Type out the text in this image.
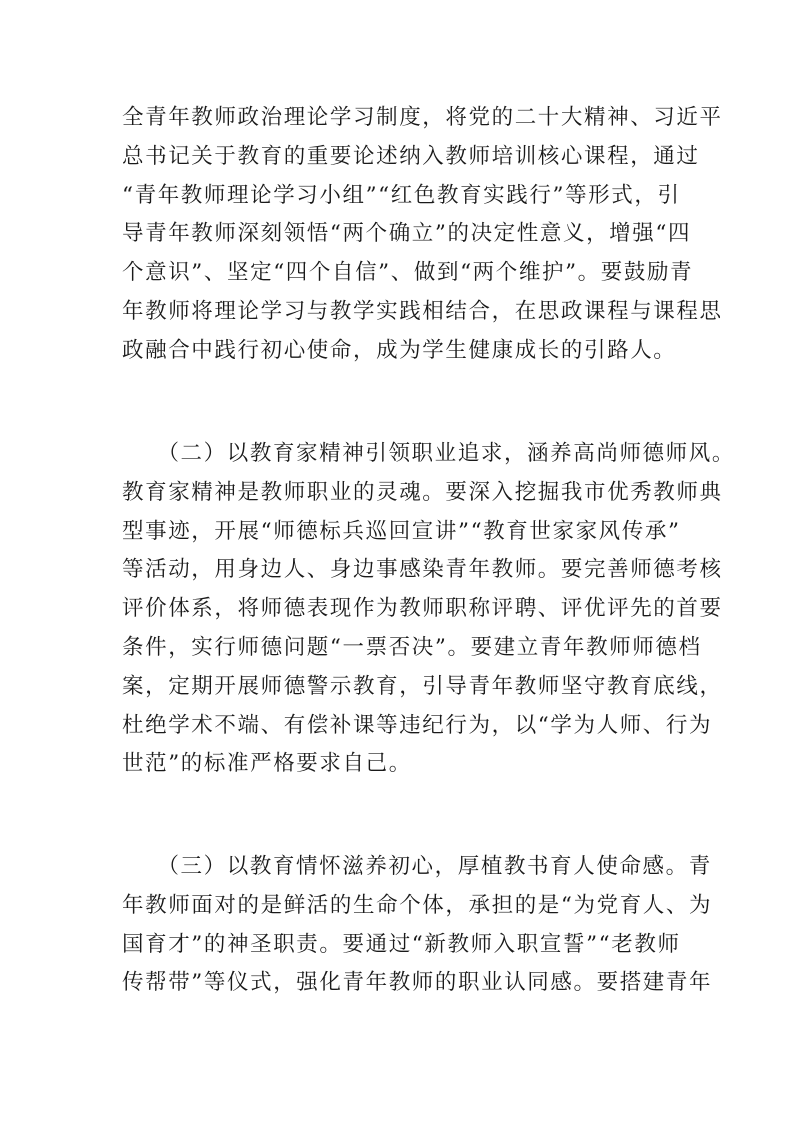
全青年教师政治理论学习制度，将党的二十大精神、习近平
总书记关于教育的重要论述纳入教师培训核心课程，通过
“青年教师理论学习小组”“红色教育实践行”等形式，引
导青年教师深刻领悟“两个确立”的决定性意义，增强“四
个意识”、坚定“四个自信”、做到“两个维护”。要鼓励青
年教师将理论学习与教学实践相结合，在思政课程与课程思
政融合中践行初心使命，成为学生健康成长的引路人。
　　（二）以教育家精神引领职业追求，涵养高尚师德师风。
教育家精神是教师职业的灵魂。要深入挖掘我市优秀教师典
型事迹，开展“师德标兵巡回宣讲”“教育世家家风传承”
等活动，用身边人、身边事感染青年教师。要完善师德考核
评价体系，将师德表现作为教师职称评聘、评优评先的首要
条件，实行师德问题“一票否决”。要建立青年教师师德档
案，定期开展师德警示教育，引导青年教师坚守教育底线，
杜绝学术不端、有偿补课等违纪行为，以“学为人师、行为
世范”的标准严格要求自己。
　　（三）以教育情怀滋养初心，厚植教书育人使命感。青
年教师面对的是鲜活的生命个体，承担的是“为党育人、为
国育才”的神圣职责。要通过“新教师入职宣誓”“老教师
传帮带”等仪式，强化青年教师的职业认同感。要搭建青年
